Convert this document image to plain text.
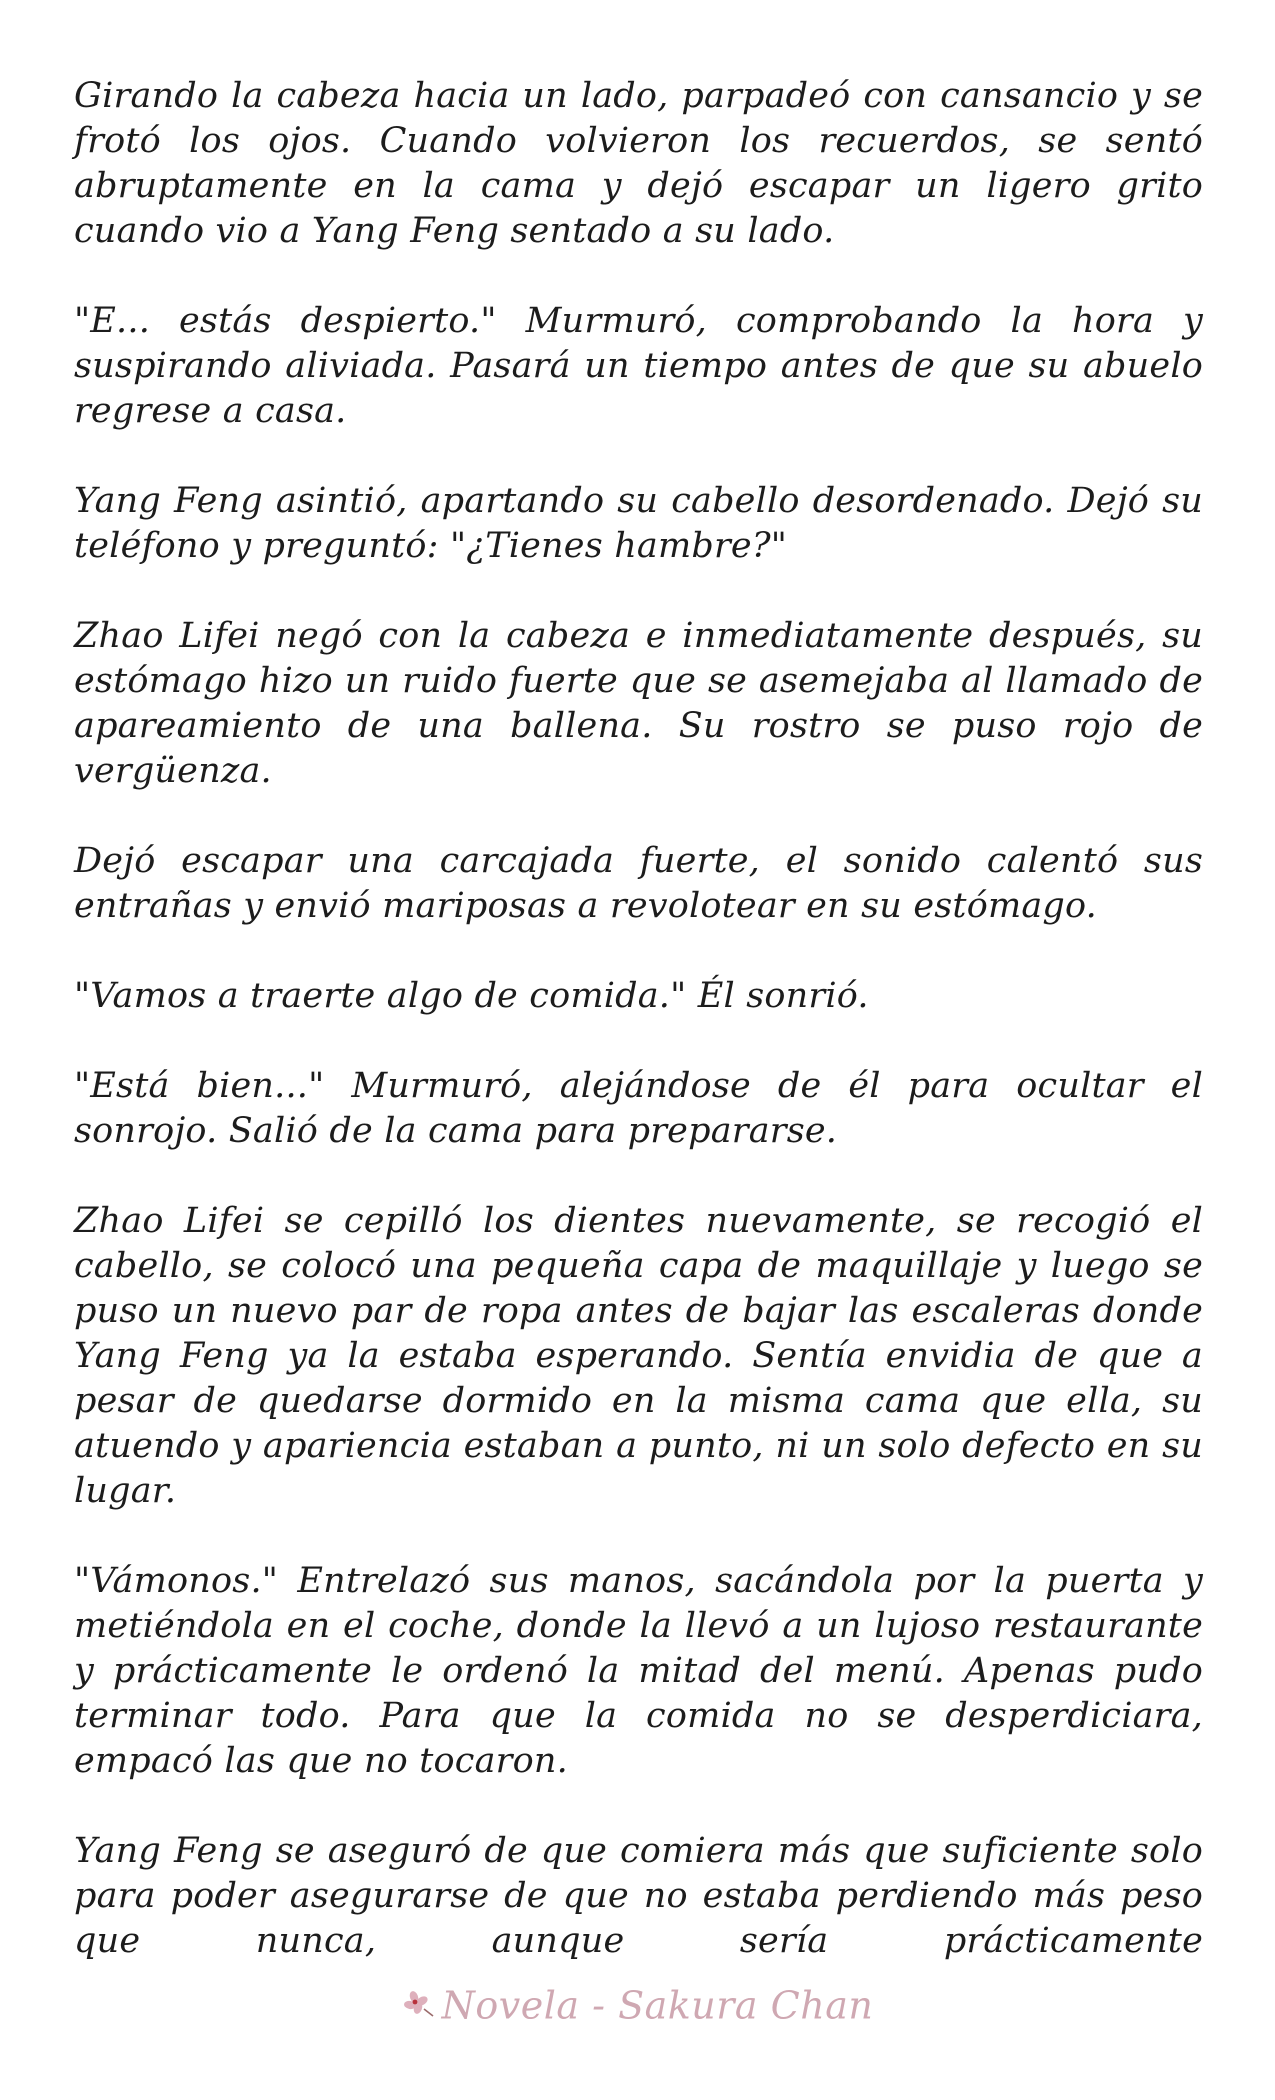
Girando la cabeza hacia un lado, parpadeó con cansancio y se frotó los ojos. Cuando volvieron los recuerdos, se sentó abruptamente en la cama y dejó escapar un ligero grito cuando vio a Yang Feng sentado a su lado.

"E... estás despierto." Murmuró, comprobando la hora y suspirando aliviada. Pasará un tiempo antes de que su abuelo regrese a casa.

Yang Feng asintió, apartando su cabello desordenado. Dejó su teléfono y preguntó: "¿Tienes hambre?"

Zhao Lifei negó con la cabeza e inmediatamente después, su estómago hizo un ruido fuerte que se asemejaba al llamado de apareamiento de una ballena. Su rostro se puso rojo de vergüenza.

Dejó escapar una carcajada fuerte, el sonido calentó sus entrañas y envió mariposas a revolotear en su estómago.

"Vamos a traerte algo de comida." Él sonrió.

"Está bien..." Murmuró, alejándose de él para ocultar el sonrojo. Salió de la cama para prepararse.

Zhao Lifei se cepilló los dientes nuevamente, se recogió el cabello, se colocó una pequeña capa de maquillaje y luego se puso un nuevo par de ropa antes de bajar las escaleras donde Yang Feng ya la estaba esperando. Sentía envidia de que a pesar de quedarse dormido en la misma cama que ella, su atuendo y apariencia estaban a punto, ni un solo defecto en su lugar.

"Vámonos." Entrelazó sus manos, sacándola por la puerta y metiéndola en el coche, donde la llevó a un lujoso restaurante y prácticamente le ordenó la mitad del menú. Apenas pudo terminar todo. Para que la comida no se desperdiciara, empacó las que no tocaron.

Yang Feng se aseguró de que comiera más que suficiente solo para poder asegurarse de que no estaba perdiendo más peso que nunca, aunque sería prácticamente

Novela - Sakura Chan
